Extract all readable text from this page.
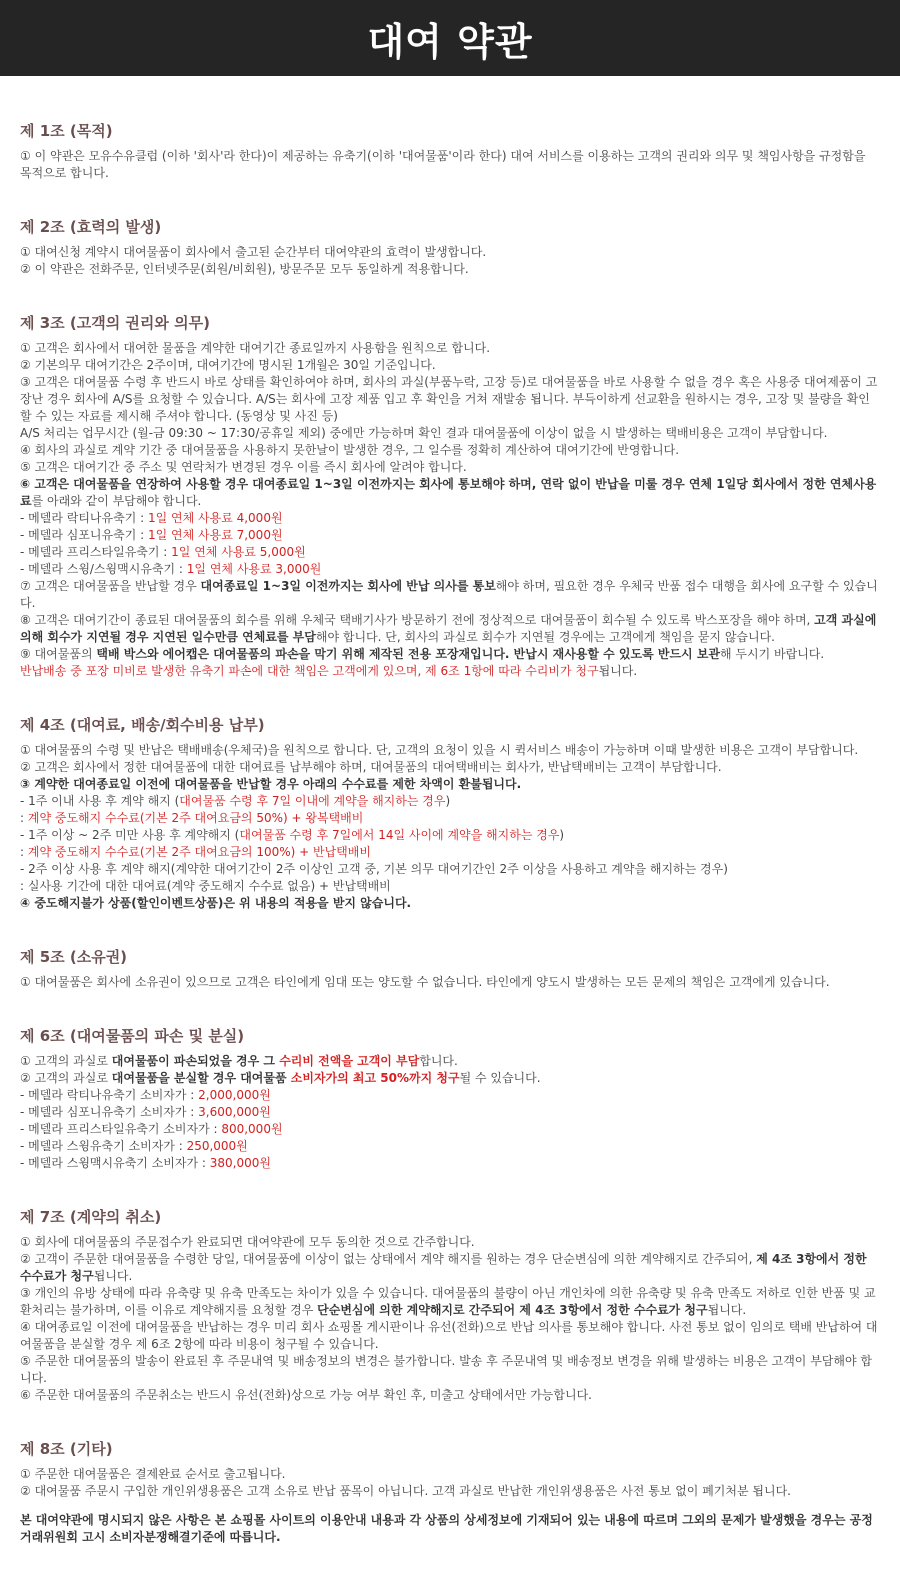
대여 약관
제 1조 (목적)

① 이 약관은 모유수유클럽 (이하 '회사'라 한다)이 제공하는 유축기(이하 '대여물품'이라 한다) 대여 서비스를 이용하는 고객의 권리와 의무 및 책임사항을 규정함을 목적으로 합니다.

제 2조 (효력의 발생)

① 대여신청 계약시 대여물품이 회사에서 출고된 순간부터 대여약관의 효력이 발생합니다.

② 이 약관은 전화주문, 인터넷주문(회원/비회원), 방문주문 모두 동일하게 적용합니다.

제 3조 (고객의 권리와 의무)

① 고객은 회사에서 대여한 물품을 계약한 대여기간 종료일까지 사용함을 원칙으로 합니다.

② 기본의무 대여기간은 2주이며, 대여기간에 명시된 1개월은 30일 기준입니다.

③ 고객은 대여물품 수령 후 반드시 바로 상태를 확인하여야 하며, 회사의 과실(부품누락, 고장 등)로 대여물품을 바로 사용할 수 없을 경우 혹은 사용중 대여제품이 고장난 경우 회사에 A/S를 요청할 수 있습니다. A/S는 회사에 고장 제품 입고 후 확인을 거쳐 재발송 됩니다. 부득이하게 선교환을 원하시는 경우, 고장 및 불량을 확인할 수 있는 자료를 제시해 주셔야 합니다. (동영상 및 사진 등)

A/S 처리는 업무시간 (월-금 09:30 ~ 17:30/공휴일 제외) 중에만 가능하며 확인 결과 대여물품에 이상이 없을 시 발생하는 택배비용은 고객이 부담합니다.

④ 회사의 과실로 계약 기간 중 대여물품을 사용하지 못한날이 발생한 경우, 그 일수를 정확히 계산하여 대여기간에 반영합니다.

⑤ 고객은 대여기간 중 주소 및 연락처가 변경된 경우 이를 즉시 회사에 알려야 합니다.

⑥ 고객은 대여물품을 연장하여 사용할 경우 대여종료일 1~3일 이전까지는 회사에 통보해야 하며, 연락 없이 반납을 미룰 경우 연체 1일당 회사에서 정한 연체사용료를 아래와 같이 부담해야 합니다.

- 메델라 락티나유축기 : 1일 연체 사용료 4,000원

- 메델라 심포니유축기 : 1일 연체 사용료 7,000원

- 메델라 프리스타일유축기 : 1일 연체 사용료 5,000원

- 메델라 스윙/스윙맥시유축기 : 1일 연체 사용료 3,000원

⑦ 고객은 대여물품을 반납할 경우 대여종료일 1~3일 이전까지는 회사에 반납 의사를 통보해야 하며, 필요한 경우 우체국 반품 접수 대행을 회사에 요구할 수 있습니다.

⑧ 고객은 대여기간이 종료된 대여물품의 회수를 위해 우체국 택배기사가 방문하기 전에 정상적으로 대여물품이 회수될 수 있도록 박스포장을 해야 하며, 고객 과실에 의해 회수가 지연될 경우 지연된 일수만큼 연체료를 부담해야 합니다. 단, 회사의 과실로 회수가 지연될 경우에는 고객에게 책임을 묻지 않습니다.

⑨ 대여물품의 택배 박스와 에어캡은 대여물품의 파손을 막기 위해 제작된 전용 포장재입니다. 반납시 재사용할 수 있도록 반드시 보관해 두시기 바랍니다.

반납배송 중 포장 미비로 발생한 유축기 파손에 대한 책임은 고객에게 있으며, 제 6조 1항에 따라 수리비가 청구됩니다.

제 4조 (대여료, 배송/회수비용 납부)

① 대여물품의 수령 및 반납은 택배배송(우체국)을 원칙으로 합니다. 단, 고객의 요청이 있을 시 퀵서비스 배송이 가능하며 이때 발생한 비용은 고객이 부담합니다.

② 고객은 회사에서 정한 대여물품에 대한 대여료를 납부해야 하며, 대여물품의 대여택배비는 회사가, 반납택배비는 고객이 부담합니다.

③ 계약한 대여종료일 이전에 대여물품을 반납할 경우 아래의 수수료를 제한 차액이 환불됩니다.

- 1주 이내 사용 후 계약 해지 (대여물품 수령 후 7일 이내에 계약을 해지하는 경우)

: 계약 중도해지 수수료(기본 2주 대여요금의 50%) + 왕복택배비

- 1주 이상 ~ 2주 미만 사용 후 계약해지 (대여물품 수령 후 7일에서 14일 사이에 계약을 해지하는 경우)

: 계약 중도해지 수수료(기본 2주 대여요금의 100%) + 반납택배비

- 2주 이상 사용 후 계약 해지(계약한 대여기간이 2주 이상인 고객 중, 기본 의무 대여기간인 2주 이상을 사용하고 계약을 해지하는 경우)

: 실사용 기간에 대한 대여료(계약 중도해지 수수료 없음) + 반납택배비

④ 중도해지불가 상품(할인이벤트상품)은 위 내용의 적용을 받지 않습니다.

제 5조 (소유권)

① 대여물품은 회사에 소유권이 있으므로 고객은 타인에게 임대 또는 양도할 수 없습니다. 타인에게 양도시 발생하는 모든 문제의 책임은 고객에게 있습니다.

제 6조 (대여물품의 파손 및 분실)

① 고객의 과실로 대여물품이 파손되었을 경우 그 수리비 전액을 고객이 부담합니다.

② 고객의 과실로 대여물품을 분실할 경우 대여물품 소비자가의 최고 50%까지 청구될 수 있습니다.

- 메델라 락티나유축기 소비자가 : 2,000,000원

- 메델라 심포니유축기 소비자가 : 3,600,000원

- 메델라 프리스타일유축기 소비자가 : 800,000원

- 메델라 스윙유축기 소비자가 : 250,000원

- 메델라 스윙맥시유축기 소비자가 : 380,000원

제 7조 (계약의 취소)

① 회사에 대여물품의 주문접수가 완료되면 대여약관에 모두 동의한 것으로 간주합니다.

② 고객이 주문한 대여물품을 수령한 당일, 대여물품에 이상이 없는 상태에서 계약 해지를 원하는 경우 단순변심에 의한 계약해지로 간주되어, 제 4조 3항에서 정한 수수료가 청구됩니다.

③ 개인의 유방 상태에 따라 유축량 및 유축 만족도는 차이가 있을 수 있습니다. 대여물품의 불량이 아닌 개인차에 의한 유축량 및 유축 만족도 저하로 인한 반품 및 교환처리는 불가하며, 이를 이유로 계약해지를 요청할 경우 단순변심에 의한 계약해지로 간주되어 제 4조 3항에서 정한 수수료가 청구됩니다.

④ 대여종료일 이전에 대여물품을 반납하는 경우 미리 회사 쇼핑몰 게시판이나 유선(전화)으로 반납 의사를 통보해야 합니다. 사전 통보 없이 임의로 택배 반납하여 대여물품을 분실할 경우 제 6조 2항에 따라 비용이 청구될 수 있습니다.

⑤ 주문한 대여물품의 발송이 완료된 후 주문내역 및 배송정보의 변경은 불가합니다. 발송 후 주문내역 및 배송정보 변경을 위해 발생하는 비용은 고객이 부담해야 합니다.

⑥ 주문한 대여물품의 주문취소는 반드시 유선(전화)상으로 가능 여부 확인 후, 미출고 상태에서만 가능합니다.

제 8조 (기타)

① 주문한 대여물품은 결제완료 순서로 출고됩니다.

② 대여물품 주문시 구입한 개인위생용품은 고객 소유로 반납 품목이 아닙니다. 고객 과실로 반납한 개인위생용품은 사전 통보 없이 폐기처분 됩니다.

본 대여약관에 명시되지 않은 사항은 본 쇼핑몰 사이트의 이용안내 내용과 각 상품의 상세정보에 기재되어 있는 내용에 따르며 그외의 문제가 발생했을 경우는 공정거래위원회 고시 소비자분쟁해결기준에 따릅니다.
